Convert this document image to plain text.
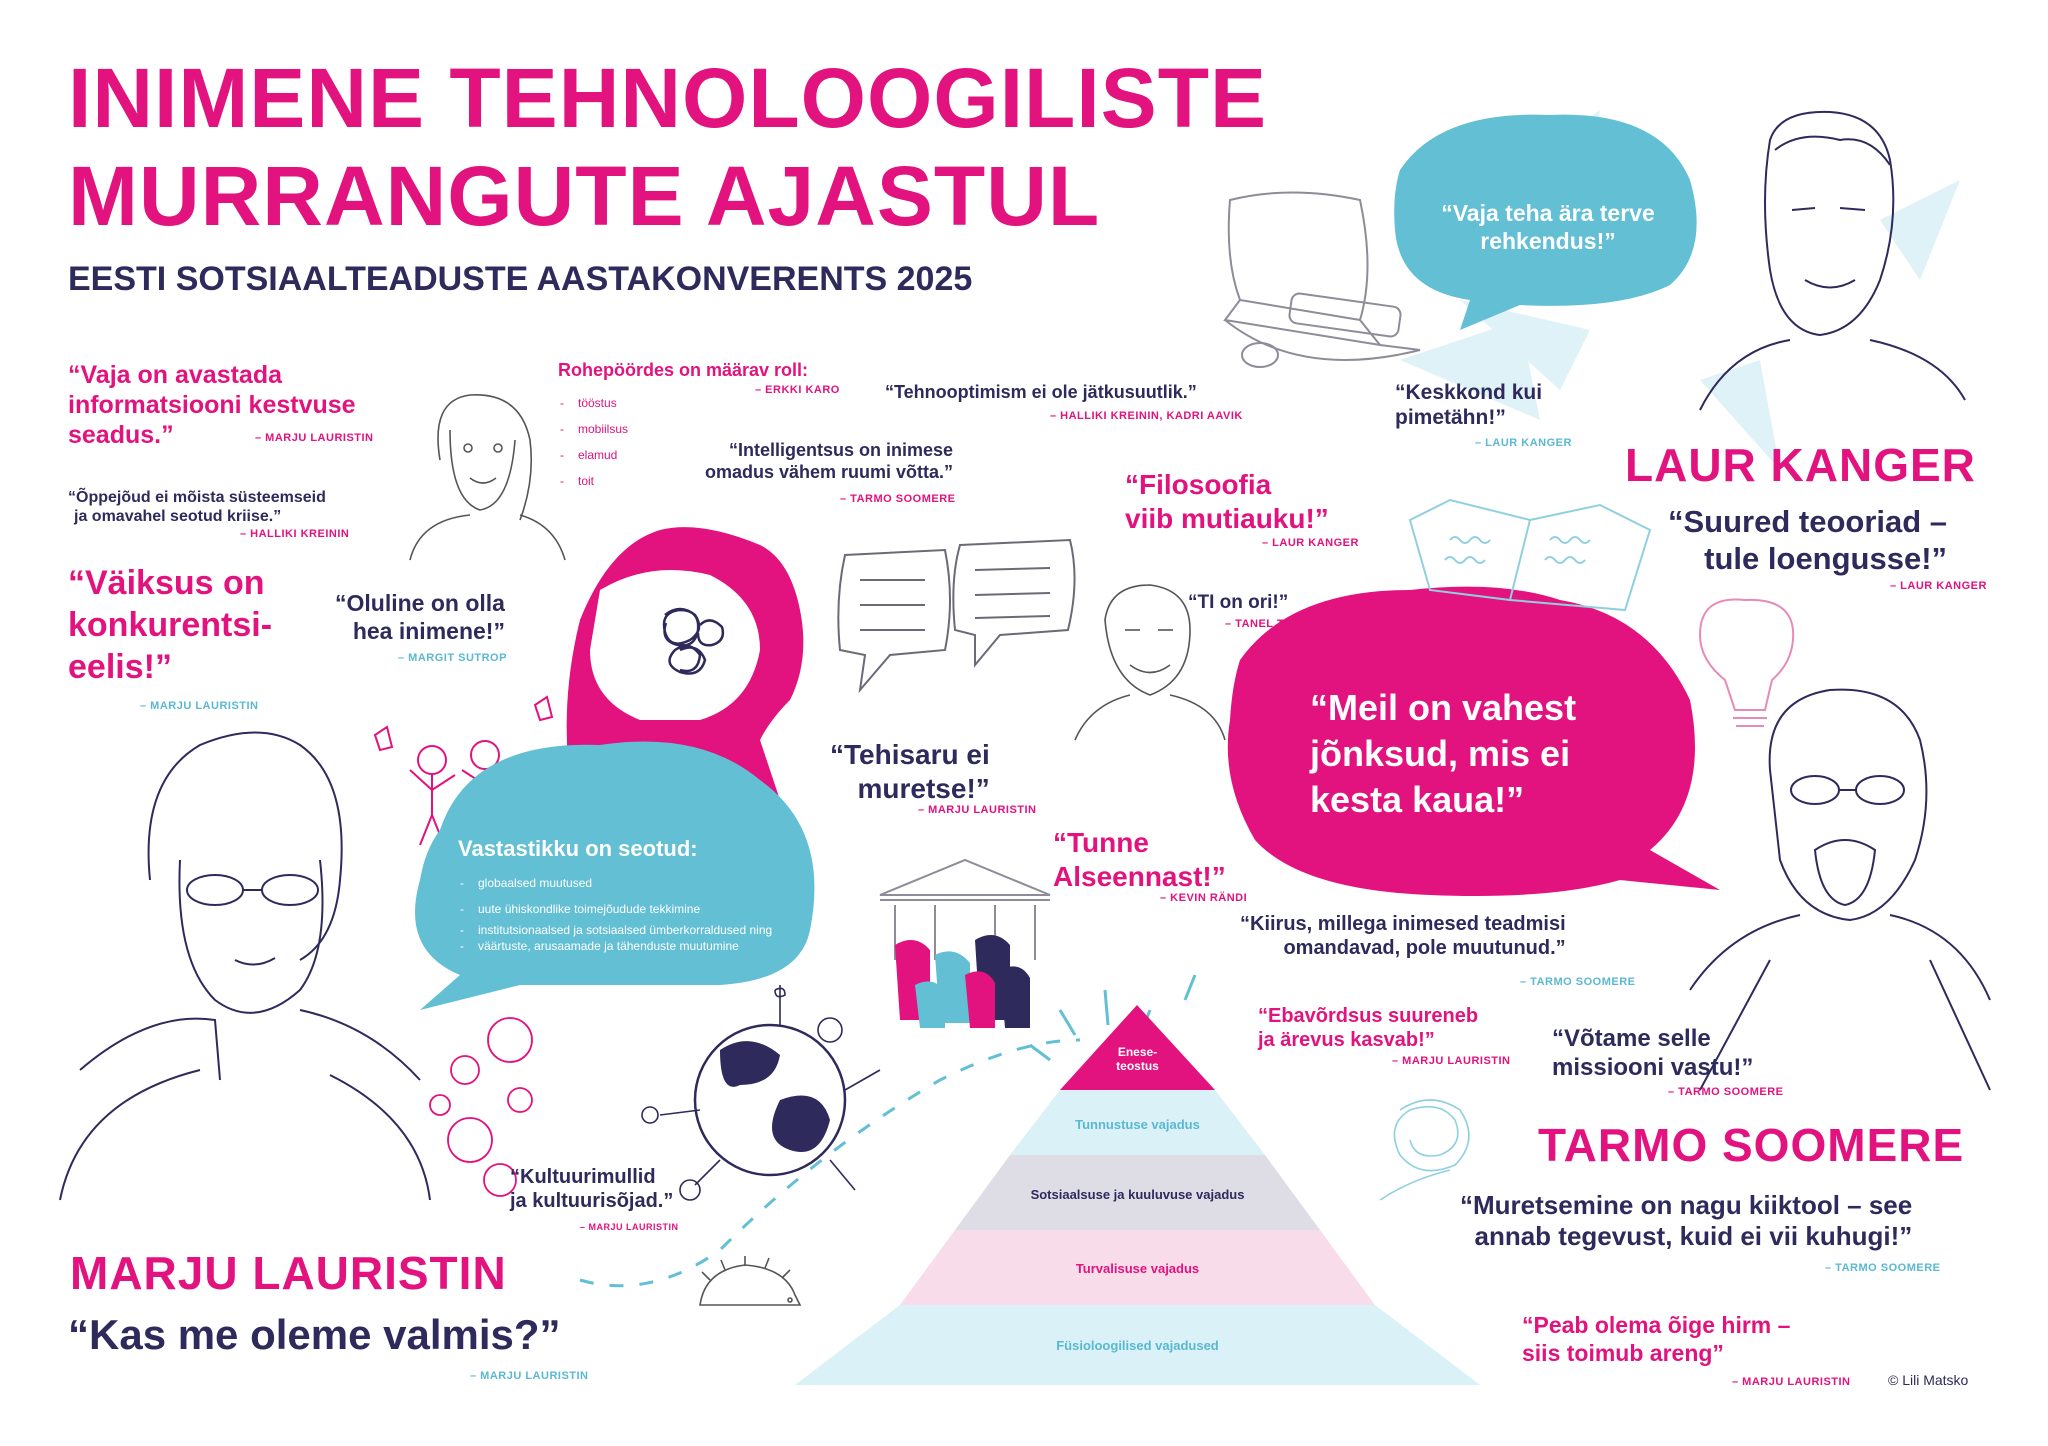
Enese-
teostus
Tunnustuse vajadus
Sotsiaalsuse ja kuuluvuse vajadus
Turvalisuse vajadus
Füsioloogilised vajadused
INIMENE TEHNOLOOGILISTE
MURRANGUTE AJASTUL
EESTI SOTSIAALTEADUSTE AASTAKONVERENTS 2025
“Vaja on avastada
informatsiooni kestvuse
seadus.”	– MARJU LAURISTIN
“Õppejõud ei mõista süsteemseid
ja omavahel seotud kriise.”
– HALLIKI KREININ
“Väiksus on
konkurentsi-
eelis!”
– MARJU LAURISTIN
“Oluline on olla
hea inimene!”
– MARGIT SUTROP
Rohepöördes on määrav roll:
– ERKKI KARO
- tööstus
- mobiilsus
- elamud
- toit
“Tehnooptimism ei ole jätkusuutlik.”
– HALLIKI KREININ, KADRI AAVIK
“Intelligentsus on inimese
omadus vähem ruumi võtta.”
– TARMO SOOMERE
“Vaja teha ära terve
rehkendus!”
“Keskkond kui
pimetähn!”
– LAUR KANGER
“Filosoofia
viib mutiauku!”
– LAUR KANGER
“TI on ori!”
– TANEL TAMMET
LAUR KANGER
“Suured teooriad –
tule loengusse!”
– LAUR KANGER
“Meil on vahest
jõnksud, mis ei
kesta kaua!”
“Tehisaru ei
muretse!”
– MARJU LAURISTIN
Vastastikku on seotud:
- globaalsed muutused
- uute ühiskondlike toimejõudude tekkimine
- institutsionaalsed ja sotsiaalsed ümberkorraldused ning
- väärtuste, arusaamade ja tähenduste muutumine
“Tunne
Alseennast!”
– KEVIN RÄNDI
“Kiirus, millega inimesed teadmisi
omandavad, pole muutunud.”
– TARMO SOOMERE
“Ebavõrdsus suureneb
ja ärevus kasvab!”
– MARJU LAURISTIN
“Võtame selle
missiooni vastu!”
– TARMO SOOMERE
TARMO SOOMERE
“Muretsemine on nagu kiiktool – see
annab tegevust, kuid ei vii kuhugi!”
– TARMO SOOMERE
“Peab olema õige hirm –
siis toimub areng”
– MARJU LAURISTIN	© Lili Matsko
“Kultuurimullid
ja kultuurisõjad.”
– MARJU LAURISTIN
MARJU LAURISTIN
“Kas me oleme valmis?”
– MARJU LAURISTIN
